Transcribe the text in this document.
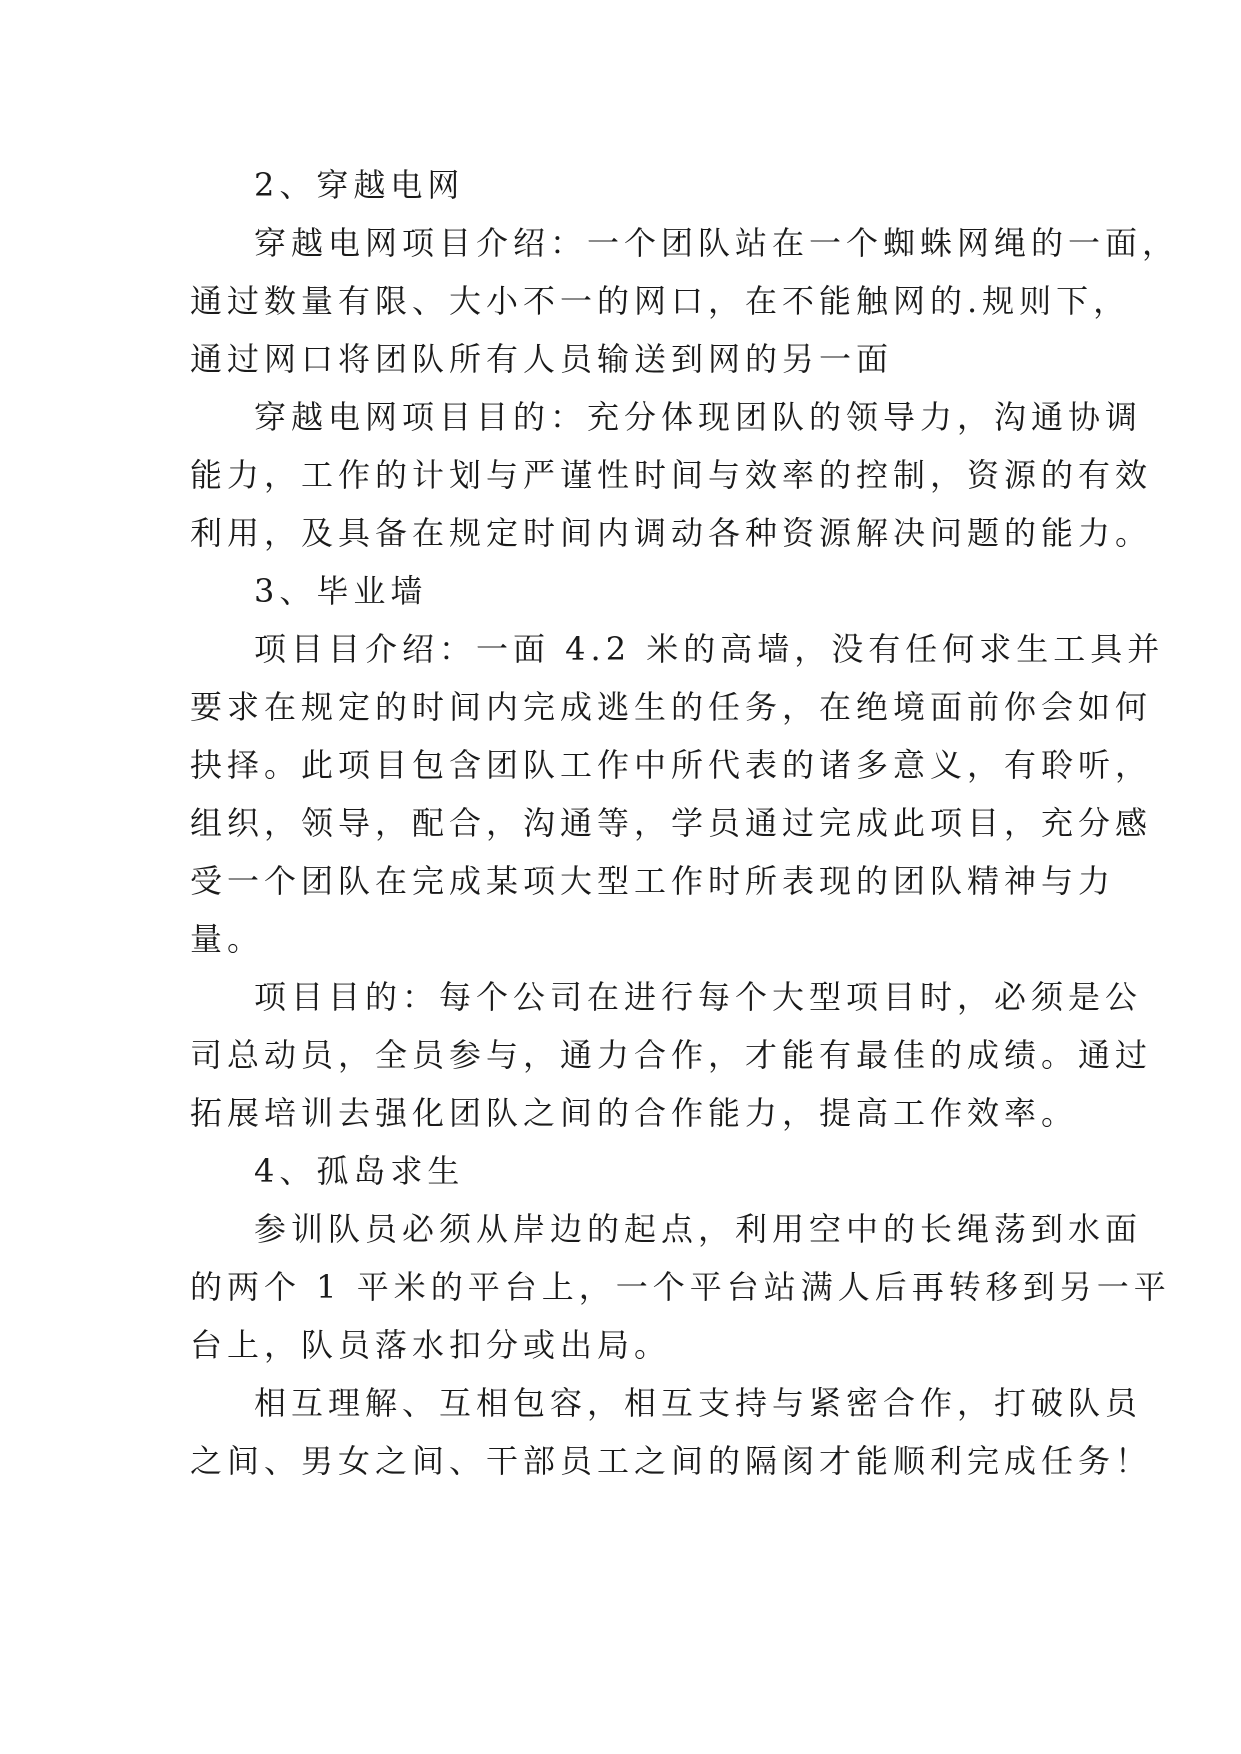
2、穿越电网
穿越电网项目介绍：一个团队站在一个蜘蛛网绳的一面，
通过数量有限、大小不一的网口，在不能触网的.规则下，
通过网口将团队所有人员输送到网的另一面
穿越电网项目目的：充分体现团队的领导力，沟通协调
能力，工作的计划与严谨性时间与效率的控制，资源的有效
利用，及具备在规定时间内调动各种资源解决问题的能力。
3、毕业墙
项目目介绍：一面 4.2 米的高墙，没有任何求生工具并
要求在规定的时间内完成逃生的任务，在绝境面前你会如何
抉择。此项目包含团队工作中所代表的诸多意义，有聆听，
组织，领导，配合，沟通等，学员通过完成此项目，充分感
受一个团队在完成某项大型工作时所表现的团队精神与力
量。
项目目的：每个公司在进行每个大型项目时，必须是公
司总动员，全员参与，通力合作，才能有最佳的成绩。通过
拓展培训去强化团队之间的合作能力，提高工作效率。
4、孤岛求生
参训队员必须从岸边的起点，利用空中的长绳荡到水面
的两个 1 平米的平台上，一个平台站满人后再转移到另一平
台上，队员落水扣分或出局。
相互理解、互相包容，相互支持与紧密合作，打破队员
之间、男女之间、干部员工之间的隔阂才能顺利完成任务！
